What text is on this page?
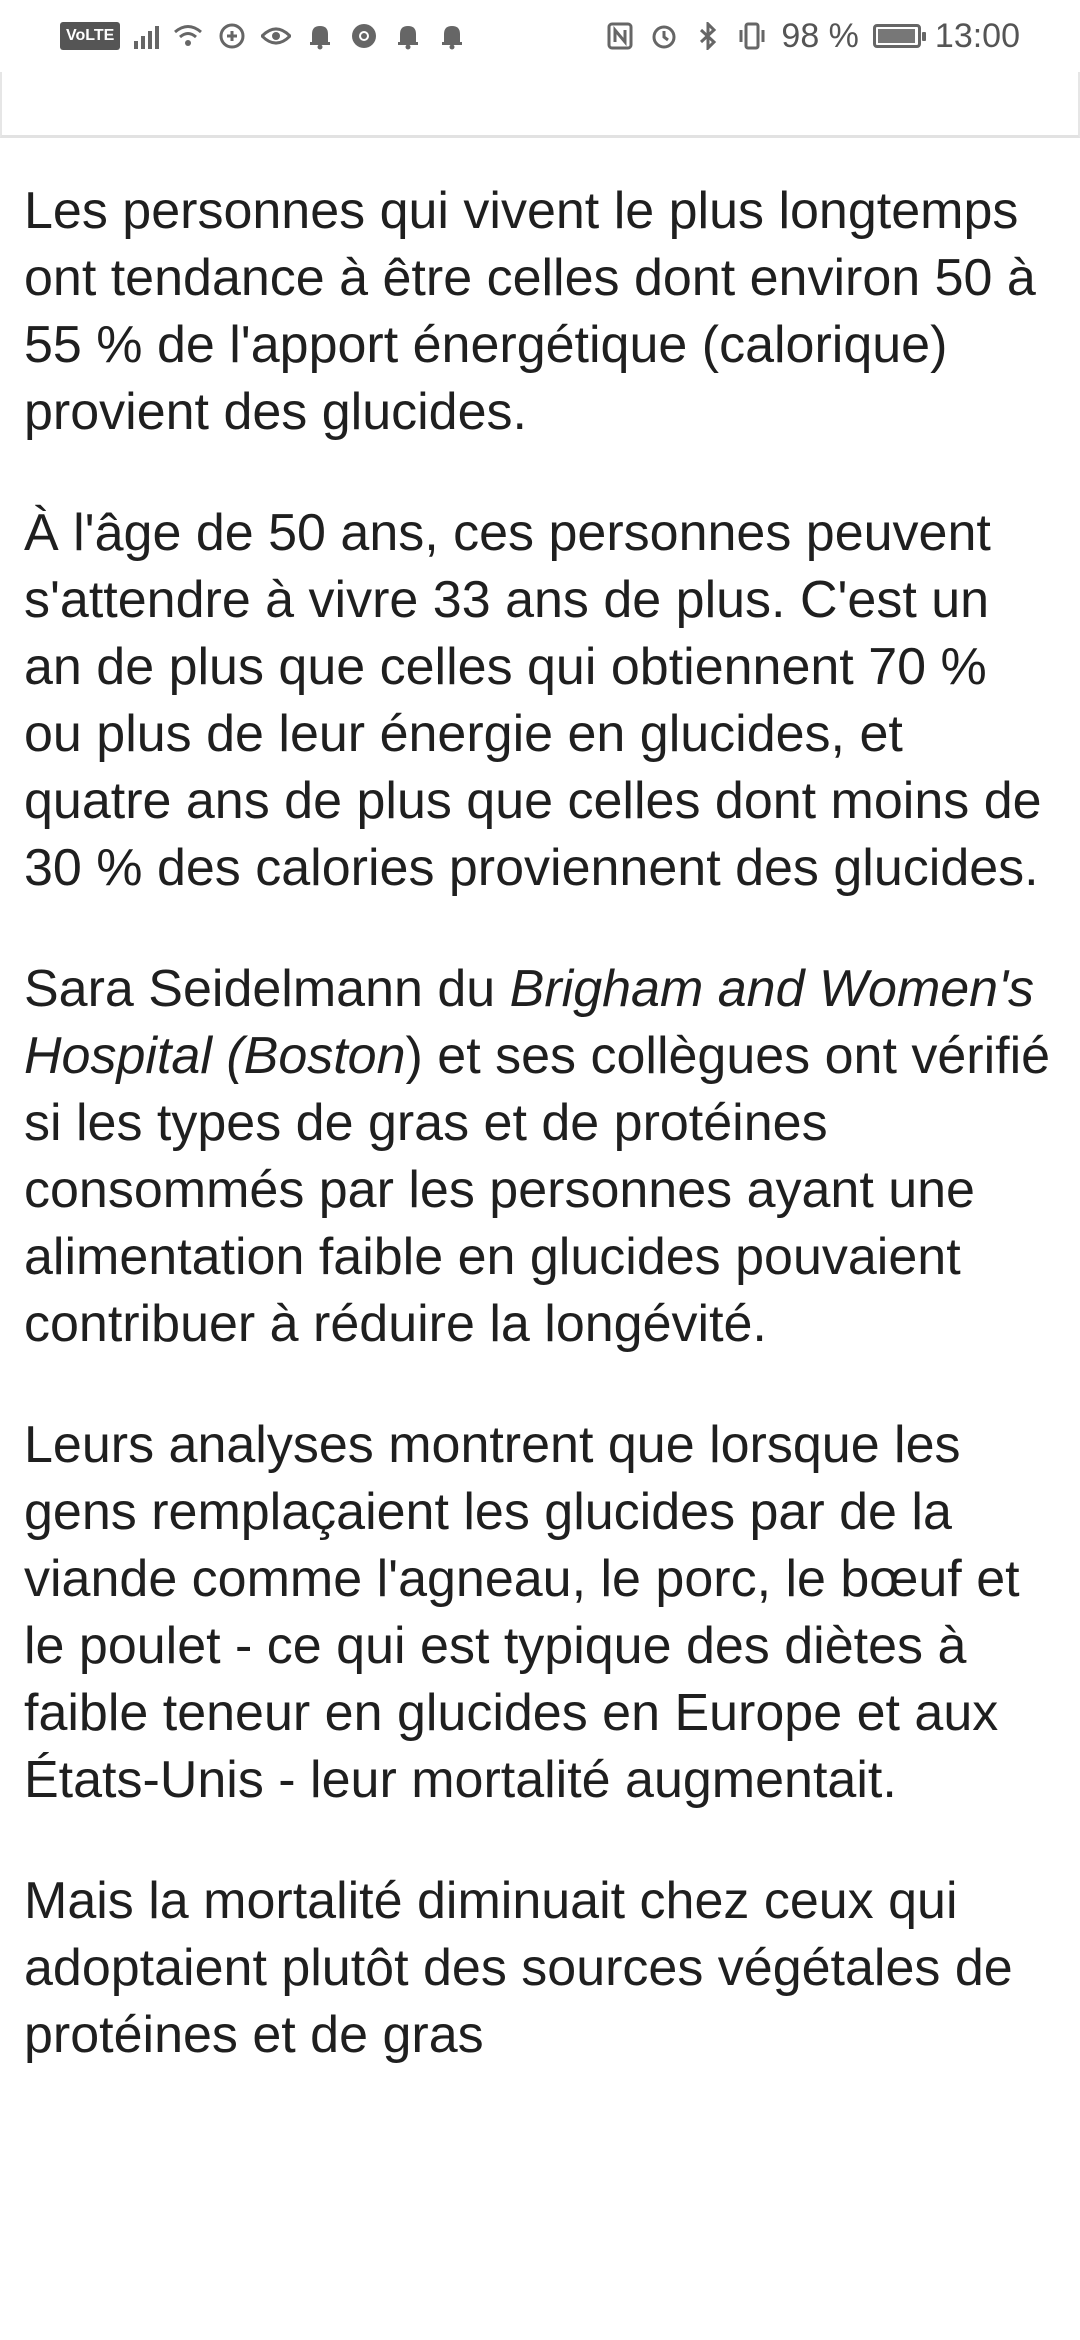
VoLTE	98 % 13:00

Les personnes qui vivent le plus longtemps ont tendance à être celles dont environ 50 à 55 % de l'apport énergétique (calorique) provient des glucides.

À l'âge de 50 ans, ces personnes peuvent s'attendre à vivre 33 ans de plus. C'est un an de plus que celles qui obtiennent 70 % ou plus de leur énergie en glucides, et quatre ans de plus que celles dont moins de 30 % des calories proviennent des glucides.

Sara Seidelmann du Brigham and Women's Hospital (Boston) et ses collègues ont vérifié si les types de gras et de protéines consommés par les personnes ayant une alimentation faible en glucides pouvaient contribuer à réduire la longévité.

Leurs analyses montrent que lorsque les gens remplaçaient les glucides par de la viande comme l'agneau, le porc, le bœuf et le poulet - ce qui est typique des diètes à faible teneur en glucides en Europe et aux États-Unis - leur mortalité augmentait.

Mais la mortalité diminuait chez ceux qui adoptaient plutôt des sources végétales de protéines et de gras
